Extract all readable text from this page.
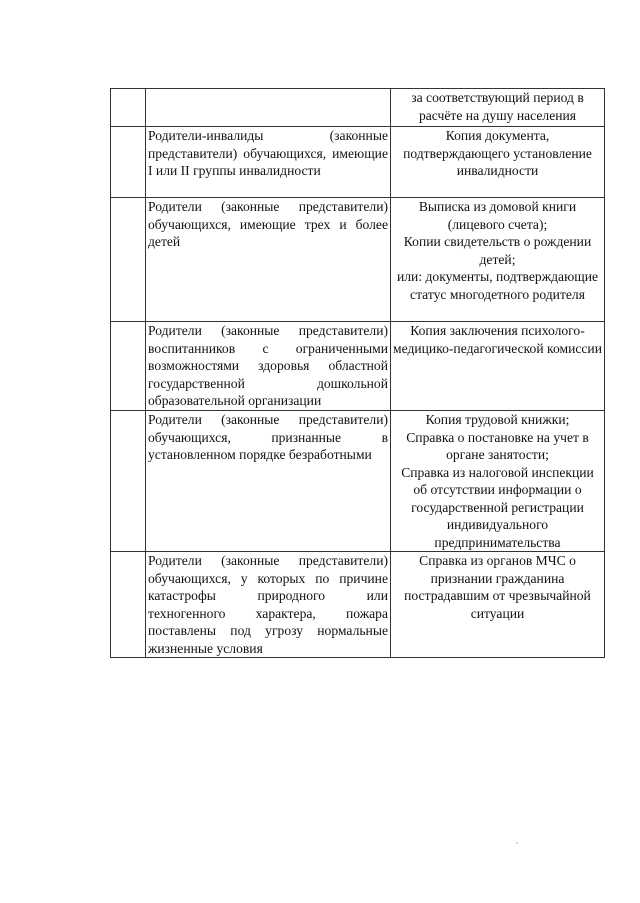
		за соответствующий период в расчёте на душу населения

	Родители-инвалиды (законные представители) обучающихся, имеющие I или II группы инвалидности	Копия документа, подтверждающего установление инвалидности

	Родители (законные представители) обучающихся, имеющие трех и более детей	Выписка из домовой книги (лицевого счета);
Копии свидетельств о рождении детей;
или: документы, подтверждающие статус многодетного родителя

	Родители (законные представители) воспитанников с ограниченными возможностями здоровья областной государственной дошкольной образовательной организации	Копия заключения психолого-медицико-педагогической комиссии

	Родители (законные представители) обучающихся, признанные в установленном порядке безработными	Копия трудовой книжки;
Справка о постановке на учет в органе занятости;
Справка из налоговой инспекции об отсутствии информации о государственной регистрации индивидуального предпринимательства

	Родители (законные представители) обучающихся, у которых по причине катастрофы природного или техногенного характера, пожара поставлены под угрозу нормальные жизненные условия	Справка из органов МЧС о признании гражданина пострадавшим от чрезвычайной ситуации
